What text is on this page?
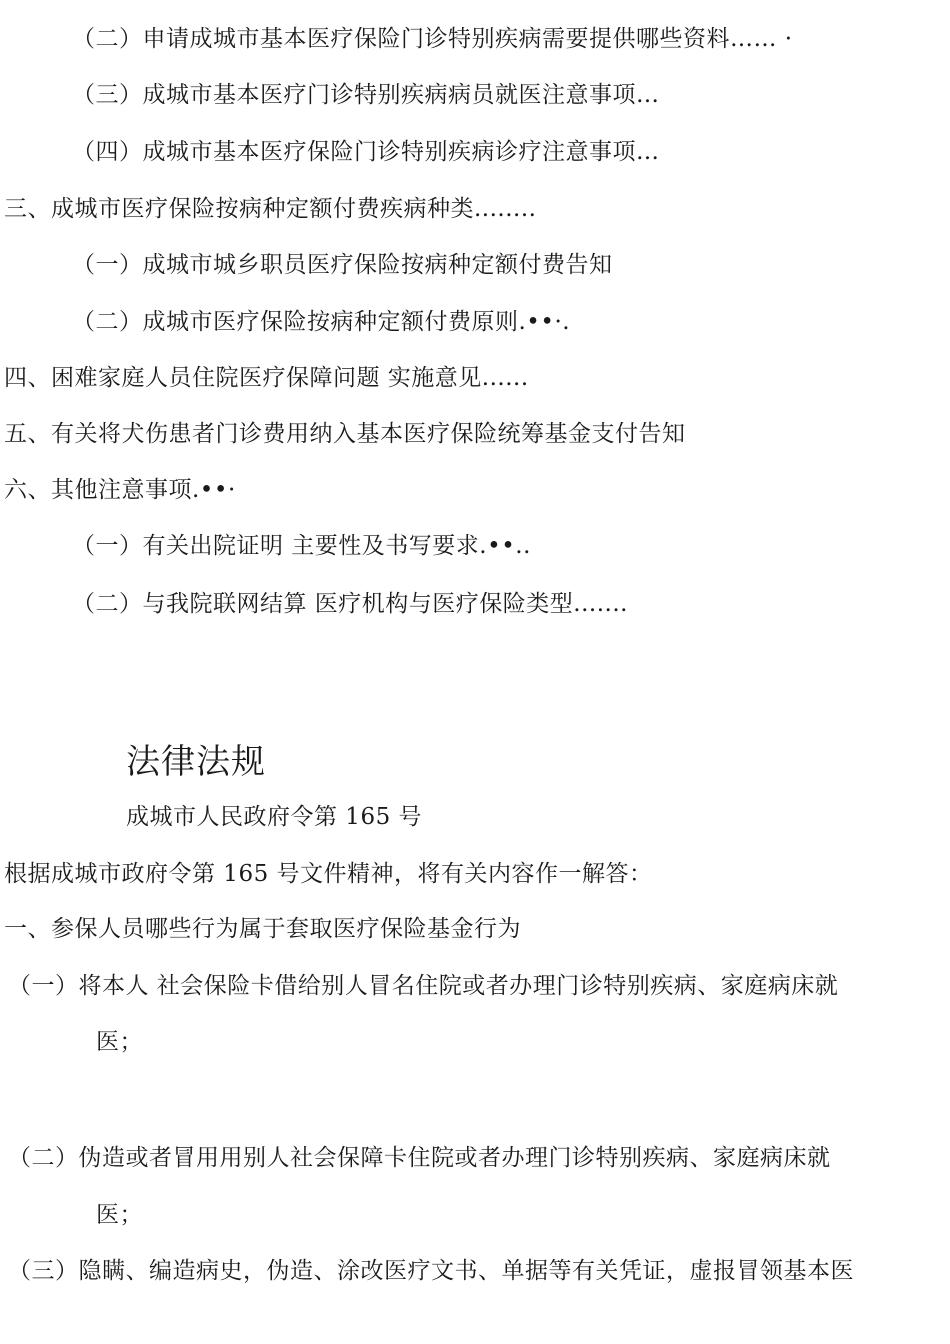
（二）申请成城市基本医疗保险门诊特别疾病需要提供哪些资料…… ·
（三）成城市基本医疗门诊特别疾病病员就医注意事项…
（四）成城市基本医疗保险门诊特别疾病诊疗注意事项…
三、成城市医疗保险按病种定额付费疾病种类........
（一）成城市城乡职员医疗保险按病种定额付费告知
（二）成城市医疗保险按病种定额付费原则.••·.
四、困难家庭人员住院医疗保障问题 实施意见......
五、有关将犬伤患者门诊费用纳入基本医疗保险统筹基金支付告知
六、其他注意事项.••·
（一）有关出院证明 主要性及书写要求.••..
（二）与我院联网结算 医疗机构与医疗保险类型.......
法律法规
成城市人民政府令第 165 号
根据成城市政府令第 165 号文件精神，将有关内容作一解答：
一、参保人员哪些行为属于套取医疗保险基金行为
（一）将本人 社会保险卡借给别人冒名住院或者办理门诊特别疾病、家庭病床就
医；
（二）伪造或者冒用用别人社会保障卡住院或者办理门诊特别疾病、家庭病床就
医；
（三）隐瞒、编造病史，伪造、涂改医疗文书、单据等有关凭证，虚报冒领基本医
